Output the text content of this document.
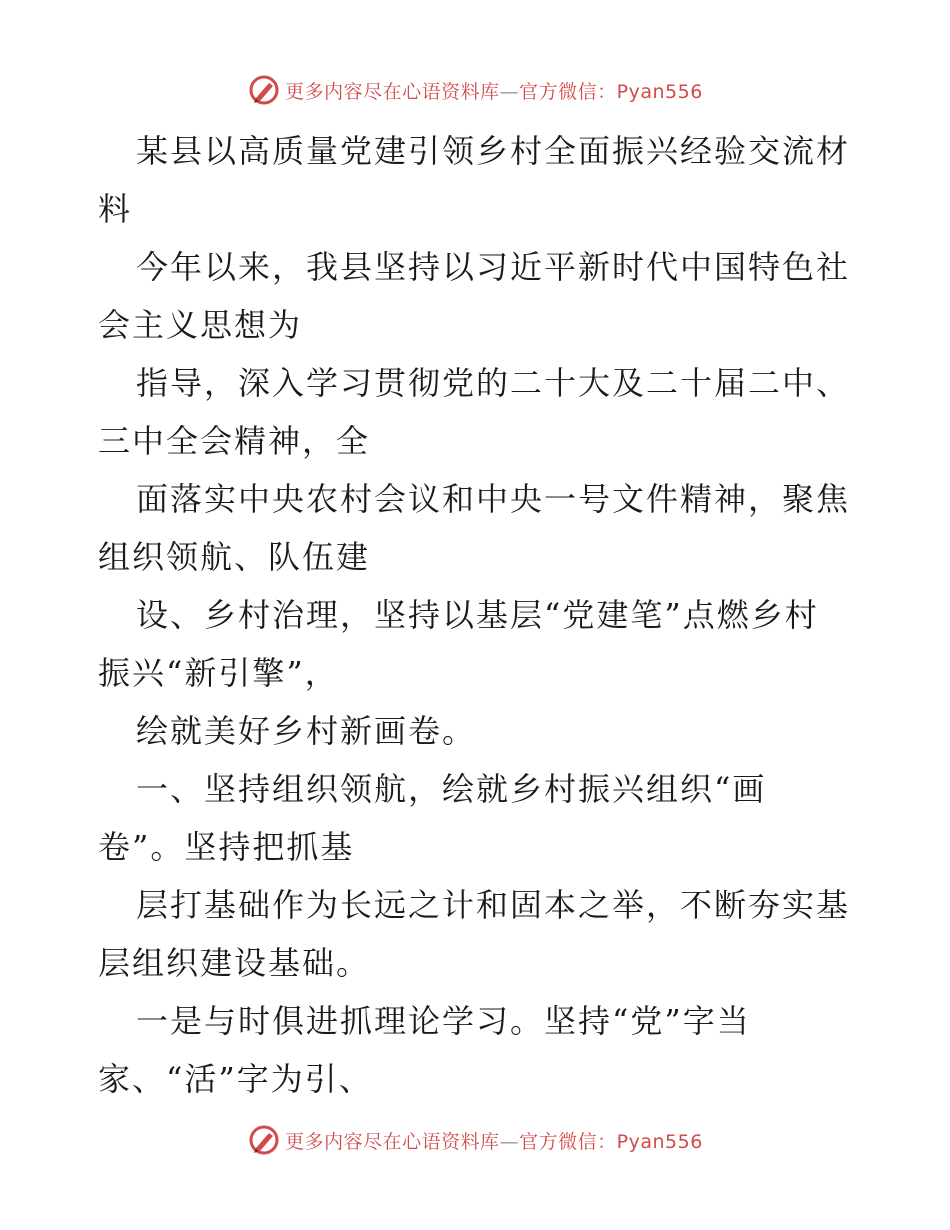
更多内容尽在心语资料库—官方微信：Pyan556

某县以高质量党建引领乡村全面振兴经验交流材
料

今年以来，我县坚持以习近平新时代中国特色社
会主义思想为

指导，深入学习贯彻党的二十大及二十届二中、
三中全会精神，全

面落实中央农村会议和中央一号文件精神，聚焦
组织领航、队伍建

设、乡村治理，坚持以基层“党建笔”点燃乡村
振兴“新引擎”，

绘就美好乡村新画卷。

一、坚持组织领航，绘就乡村振兴组织“画
卷”。坚持把抓基

层打基础作为长远之计和固本之举，不断夯实基
层组织建设基础。

一是与时俱进抓理论学习。坚持“党”字当
家、“活”字为引、

更多内容尽在心语资料库—官方微信：Pyan556
